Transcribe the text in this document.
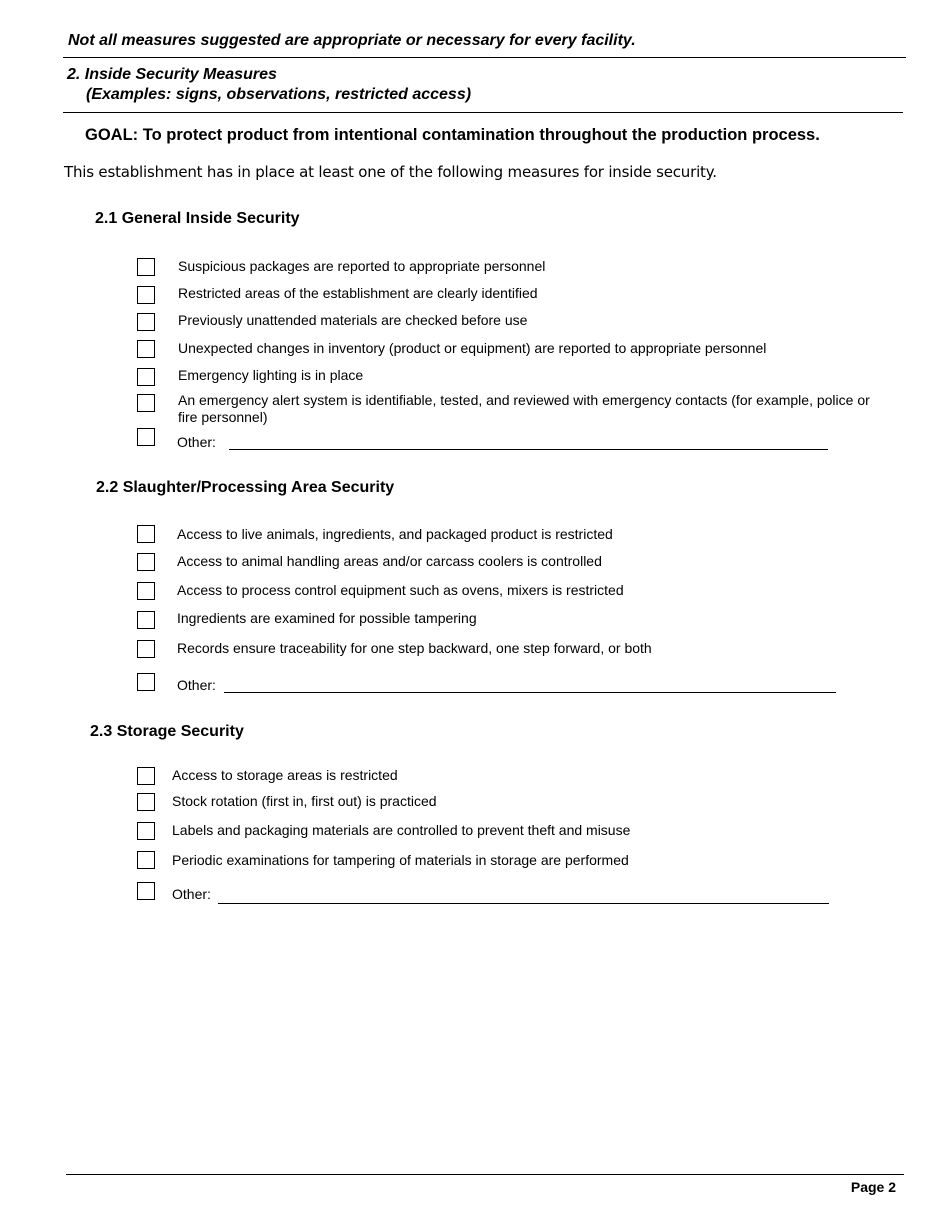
Not all measures suggested are appropriate or necessary for every facility.
2. Inside Security Measures
(Examples: signs, observations, restricted access)
GOAL: To protect product from intentional contamination throughout the production process.
This establishment has in place at least one of the following measures for inside security.
2.1 General Inside Security
Suspicious packages are reported to appropriate personnel
Restricted areas of the establishment are clearly identified
Previously unattended materials are checked before use
Unexpected changes in inventory (product or equipment) are reported to appropriate personnel
Emergency lighting is in place
An emergency alert system is identifiable, tested, and reviewed with emergency contacts (for example, police or fire personnel)
Other:
2.2 Slaughter/Processing Area Security
Access to live animals, ingredients, and packaged product is restricted
Access to animal handling areas and/or carcass coolers is controlled
Access to process control equipment such as ovens, mixers is restricted
Ingredients are examined for possible tampering
Records ensure traceability for one step backward, one step forward, or both
Other:
2.3 Storage Security
Access to storage areas is restricted
Stock rotation (first in, first out) is practiced
Labels and packaging materials are controlled to prevent theft and misuse
Periodic examinations for tampering of materials in storage are performed
Other:
Page 2
